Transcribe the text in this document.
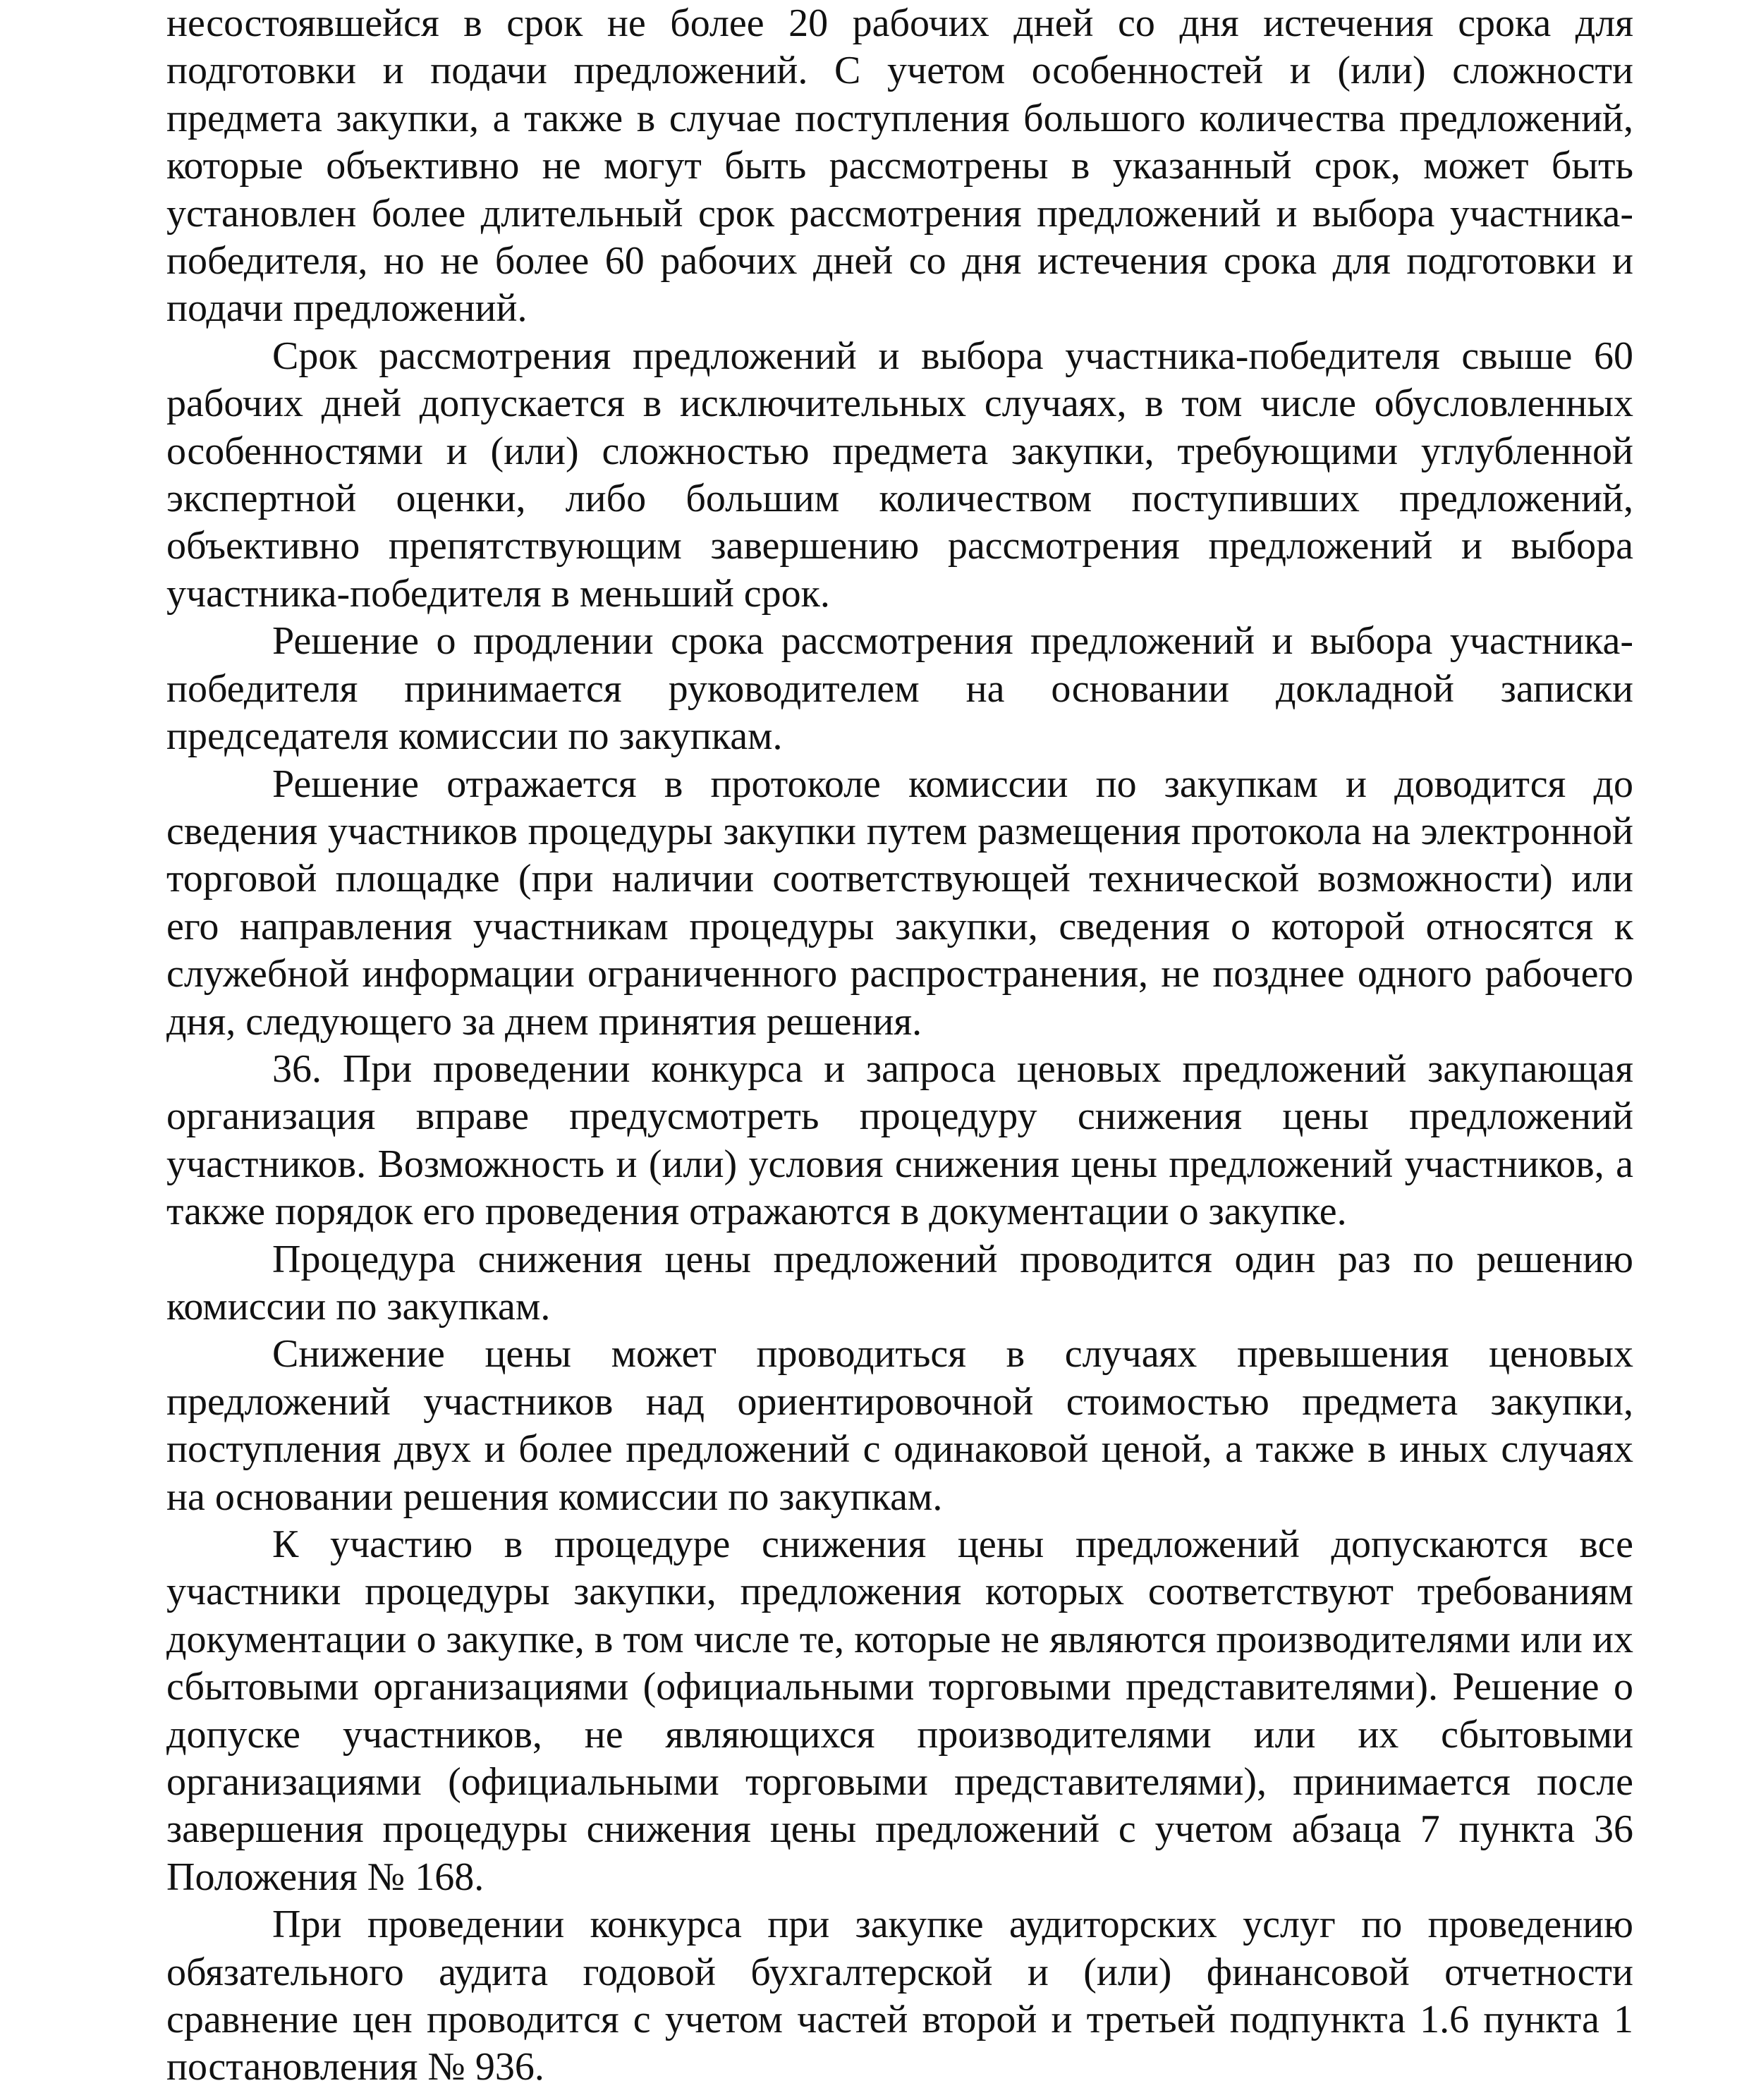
несостоявшейся в срок не более 20 рабочих дней со дня истечения срока для подготовки и подачи предложений. С учетом особенностей и (или) сложности предмета закупки, а также в случае поступления большого количества предложений, которые объективно не могут быть рассмотрены в указанный срок, может быть установлен более длительный срок рассмотрения предложений и выбора участника-победителя, но не более 60 рабочих дней со дня истечения срока для подготовки и подачи предложений.

Срок рассмотрения предложений и выбора участника-победителя свыше 60 рабочих дней допускается в исключительных случаях, в том числе обусловленных особенностями и (или) сложностью предмета закупки, требующими углубленной экспертной оценки, либо большим количеством поступивших предложений, объективно препятствующим завершению рассмотрения предложений и выбора участника-победителя в меньший срок.

Решение о продлении срока рассмотрения предложений и выбора участника-победителя принимается руководителем на основании докладной записки председателя комиссии по закупкам.

Решение отражается в протоколе комиссии по закупкам и доводится до сведения участников процедуры закупки путем размещения протокола на электронной торговой площадке (при наличии соответствующей технической возможности) или его направления участникам процедуры закупки, сведения о которой относятся к служебной информации ограниченного распространения, не позднее одного рабочего дня, следующего за днем принятия решения.

36. При проведении конкурса и запроса ценовых предложений закупающая организация вправе предусмотреть процедуру снижения цены предложений участников. Возможность и (или) условия снижения цены предложений участников, а также порядок его проведения отражаются в документации о закупке.

Процедура снижения цены предложений проводится один раз по решению комиссии по закупкам.

Снижение цены может проводиться в случаях превышения ценовых предложений участников над ориентировочной стоимостью предмета закупки, поступления двух и более предложений с одинаковой ценой, а также в иных случаях на основании решения комиссии по закупкам.

К участию в процедуре снижения цены предложений допускаются все участники процедуры закупки, предложения которых соответствуют требованиям документации о закупке, в том числе те, которые не являются производителями или их сбытовыми организациями (официальными торговыми представителями). Решение о допуске участников, не являющихся производителями или их сбытовыми организациями (официальными торговыми представителями), принимается после завершения процедуры снижения цены предложений с учетом абзаца 7 пункта 36 Положения № 168.

При проведении конкурса при закупке аудиторских услуг по проведению обязательного аудита годовой бухгалтерской и (или) финансовой отчетности сравнение цен проводится с учетом частей второй и третьей подпункта 1.6 пункта 1 постановления № 936.
